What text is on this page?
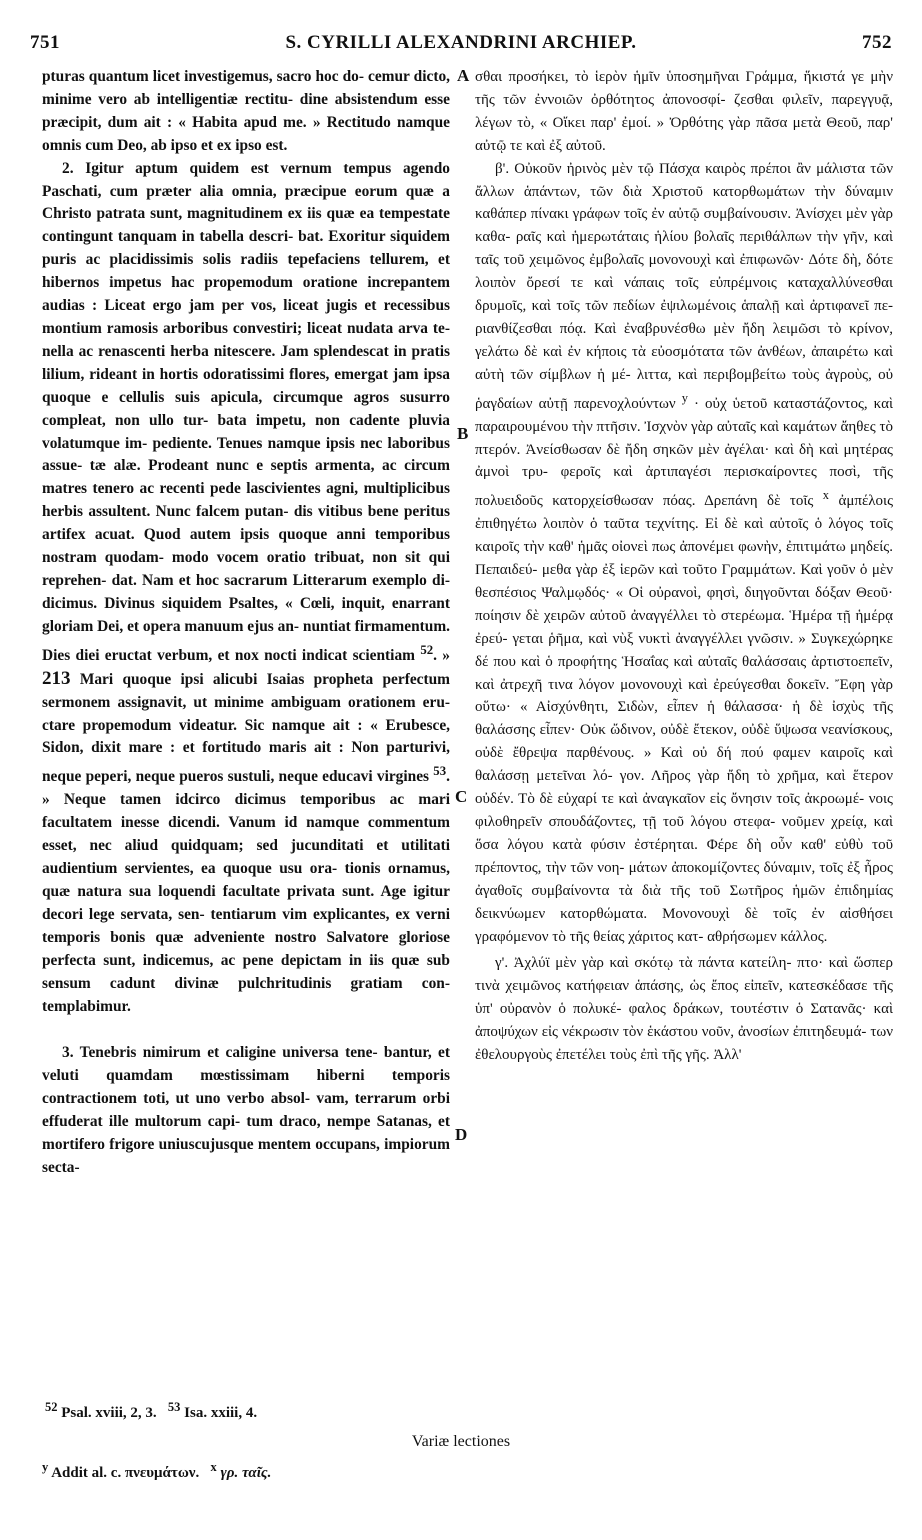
751	S. CYRILLI ALEXANDRINI ARCHIEP.	752
A
B
C
D

pturas quantum licet investigemus, sacro hoc do- cemur dicto, minime vero ab intelligentiæ rectitu- dine absistendum esse præcipit, dum ait : « Habita apud me. » Rectitudo namque omnis cum Deo, ab ipso et ex ipso est.

2. Igitur aptum quidem est vernum tempus agendo Paschati, cum præter alia omnia, præcipue eorum quæ a Christo patrata sunt, magnitudinem ex iis quæ ea tempestate contingunt tanquam in tabella descri- bat. Exoritur siquidem puris ac placidissimis solis radiis tepefaciens tellurem, et hibernos impetus hac propemodum oratione increpantem audias : Liceat ergo jam per vos, liceat jugis et recessibus montium ramosis arboribus convestiri; liceat nudata arva te- nella ac renascenti herba nitescere. Jam splendescat in pratis lilium, rideant in hortis odoratissimi flores, emergat jam ipsa quoque e cellulis suis apicula, circumque agros susurro compleat, non ullo tur- bata impetu, non cadente pluvia volatumque im- pediente. Tenues namque ipsis nec laboribus assue- tæ alæ. Prodeant nunc e septis armenta, ac circum matres tenero ac recenti pede lascivientes agni, multiplicibus herbis assultent. Nunc falcem putan- dis vitibus bene peritus artifex acuat. Quod autem ipsis quoque anni temporibus nostram quodam- modo vocem oratio tribuat, non sit qui reprehen- dat. Nam et hoc sacrarum Litterarum exemplo di- dicimus. Divinus siquidem Psaltes, « Cœli, inquit, enarrant gloriam Dei, et opera manuum ejus an- nuntiat firmamentum. Dies diei eructat verbum, et nox nocti indicat scientiam $^{52}$. » 213 Mari quoque ipsi alicubi Isaias propheta perfectum sermonem assignavit, ut minime ambiguam orationem eru- ctare propemodum videatur. Sic namque ait : « Erubesce, Sidon, dixit mare : et fortitudo maris ait : Non parturivi, neque peperi, neque pueros sustuli, neque educavi virgines $^{53}$. » Neque tamen idcirco dicimus temporibus ac mari facultatem inesse dicendi. Vanum id namque commentum esset, nec aliud quidquam; sed jucunditati et utilitati audientium servientes, ea quoque usu ora- tionis ornamus, quæ natura sua loquendi facultate privata sunt. Age igitur decori lege servata, sen- tentiarum vim explicantes, ex verni temporis bonis quæ adveniente nostro Salvatore gloriose perfecta sunt, indicemus, ac pene depictam in iis quæ sub sensum cadunt divinæ pulchritudinis gratiam con- templabimur.

3. Tenebris nimirum et caligine universa tene- bantur, et veluti quamdam mœstissimam hiberni temporis contractionem toti, ut uno verbo absol- vam, terrarum orbi effuderat ille multorum capi- tum draco, nempe Satanas, et mortifero frigore uniuscujusque mentem occupans, impiorum secta-

σθαι προσήκει, τὸ ἱερὸν ἡμῖν ὑποσημῆναι Γράμμα, ἥκιστά γε μὴν τῆς τῶν ἐννοιῶν ὀρθότητος ἀπονοσφί- ζεσθαι φιλεῖν, παρεγγυᾷ, λέγων τὸ, « Οἴκει παρ' ἐμοί. » Ὀρθότης γὰρ πᾶσα μετὰ Θεοῦ, παρ' αὐτῷ τε καὶ ἐξ αὐτοῦ.

β'. Οὐκοῦν ἠρινὸς μὲν τῷ Πάσχα καιρὸς πρέποι ἂν μάλιστα τῶν ἄλλων ἁπάντων, τῶν διὰ Χριστοῦ κατορθωμάτων τὴν δύναμιν καθάπερ πίνακι γράφων τοῖς ἐν αὐτῷ συμβαίνουσιν. Ἀνίσχει μὲν γὰρ καθα- ραῖς καὶ ἡμερωτάταις ἡλίου βολαῖς περιθάλπων τὴν γῆν, καὶ ταῖς τοῦ χειμῶνος ἐμβολαῖς μονονουχὶ καὶ ἐπιφωνῶν· Δότε δὴ, δότε λοιπὸν ὄρεσί τε καὶ νάπαις τοῖς εὐπρέμνοις καταχαλλύνεσθαι δρυμοῖς, καὶ τοῖς τῶν πεδίων ἐψιλωμένοις ἁπαλῇ καὶ ἀρτιφανεῖ πε- ριανθίζεσθαι πόᾳ. Καὶ ἐναβρυνέσθω μὲν ἤδη λειμῶσι τὸ κρίνον, γελάτω δὲ καὶ ἐν κήποις τὰ εὐοσμότατα τῶν ἀνθέων, ἀπαιρέτω καὶ αὐτὴ τῶν σίμβλων ἡ μέ- λιττα, καὶ περιβομβείτω τοὺς ἀγροὺς, οὐ ῥαγδαίων αὐτῇ παρενοχλούντων $^y$ · οὐχ ὑετοῦ καταστάζοντος, καὶ παραιρουμένου τὴν πτῆσιν. Ἰσχνὸν γὰρ αὐταῖς καὶ καμάτων ἄηθες τὸ πτερόν. Ἀνείσθωσαν δὲ ἤδη σηκῶν μὲν ἀγέλαι· καὶ δὴ καὶ μητέρας ἀμνοὶ τρυ- φεροῖς καὶ ἀρτιπαγέσι περισκαίροντες ποσὶ, τῆς πολυειδοῦς κατορχείσθωσαν πόας. Δρεπάνη δὲ τοῖς $^x$ ἀμπέλοις ἐπιθηγέτω λοιπὸν ὁ ταῦτα τεχνίτης. Εἰ δὲ καὶ αὐτοῖς ὁ λόγος τοῖς καιροῖς τὴν καθ' ἡμᾶς οἰονεὶ πως ἀπονέμει φωνὴν, ἐπιτιμάτω μηδείς. Πεπαιδεύ- μεθα γὰρ ἐξ ἱερῶν καὶ τοῦτο Γραμμάτων. Καὶ γοῦν ὁ μὲν θεσπέσιος Ψαλμῳδός· « Οἱ οὐρανοὶ, φησὶ, διηγοῦνται δόξαν Θεοῦ· ποίησιν δὲ χειρῶν αὐτοῦ ἀναγγέλλει τὸ στερέωμα. Ἡμέρα τῇ ἡμέρᾳ ἐρεύ- γεται ῥῆμα, καὶ νὺξ νυκτὶ ἀναγγέλλει γνῶσιν. » Συγκεχώρηκε δέ που καὶ ὁ προφήτης Ἡσαΐας καὶ αὐταῖς θαλάσσαις ἀρτιστοεπεῖν, καὶ ἀτρεχῆ τινα λόγον μονονουχὶ καὶ ἐρεύγεσθαι δοκεῖν. Ἔφη γὰρ οὕτω· « Αἰσχύνθητι, Σιδὼν, εἶπεν ἡ θάλασσα· ἡ δὲ ἰσχὺς τῆς θαλάσσης εἶπεν· Οὐκ ὤδινον, οὐδὲ ἔτεκον, οὐδὲ ὕψωσα νεανίσκους, οὐδὲ ἔθρεψα παρθένους. » Καὶ οὐ δή πού φαμεν καιροῖς καὶ θαλάσσῃ μετεῖναι λό- γον. Λῆρος γὰρ ἤδη τὸ χρῆμα, καὶ ἕτερον οὐδέν. Τὸ δὲ εὐχαρί τε καὶ ἀναγκαῖον εἰς ὄνησιν τοῖς ἀκροωμέ- νοις φιλοθηρεῖν σπουδάζοντες, τῇ τοῦ λόγου στεφα- νοῦμεν χρείᾳ, καὶ ὅσα λόγου κατὰ φύσιν ἐστέρηται. Φέρε δὴ οὖν καθ' εὐθὺ τοῦ πρέποντος, τὴν τῶν νοη- μάτων ἀποκομίζοντες δύναμιν, τοῖς ἐξ ἦρος ἀγαθοῖς συμβαίνοντα τὰ διὰ τῆς τοῦ Σωτῆρος ἡμῶν ἐπιδημίας δεικνύωμεν κατορθώματα. Μονονουχὶ δὲ τοῖς ἐν αἰσθήσει γραφόμενον τὸ τῆς θείας χάριτος κατ- αθρήσωμεν κάλλος.

γ'. Ἀχλύϊ μὲν γὰρ καὶ σκότῳ τὰ πάντα κατείλη- πτο· καὶ ὥσπερ τινὰ χειμῶνος κατήφειαν ἁπάσης, ὡς ἔπος εἰπεῖν, κατεσκέδασε τῆς ὑπ' οὐρανὸν ὁ πολυκέ- φαλος δράκων, τουτέστιν ὁ Σατανᾶς· καὶ ἀποψύχων εἰς νέκρωσιν τὸν ἑκάστου νοῦν, ἀνοσίων ἐπιτηδευμά- των ἐθελουργοὺς ἐπετέλει τοὺς ἐπὶ τῆς γῆς. Ἀλλ'

$^{52}$ Psal. xviii, 2, 3. $^{53}$ Isa. xxiii, 4.
Variæ lectiones
$^y$ Addit al. c. πνευμάτων. $^x$ γρ. ταῖς.
